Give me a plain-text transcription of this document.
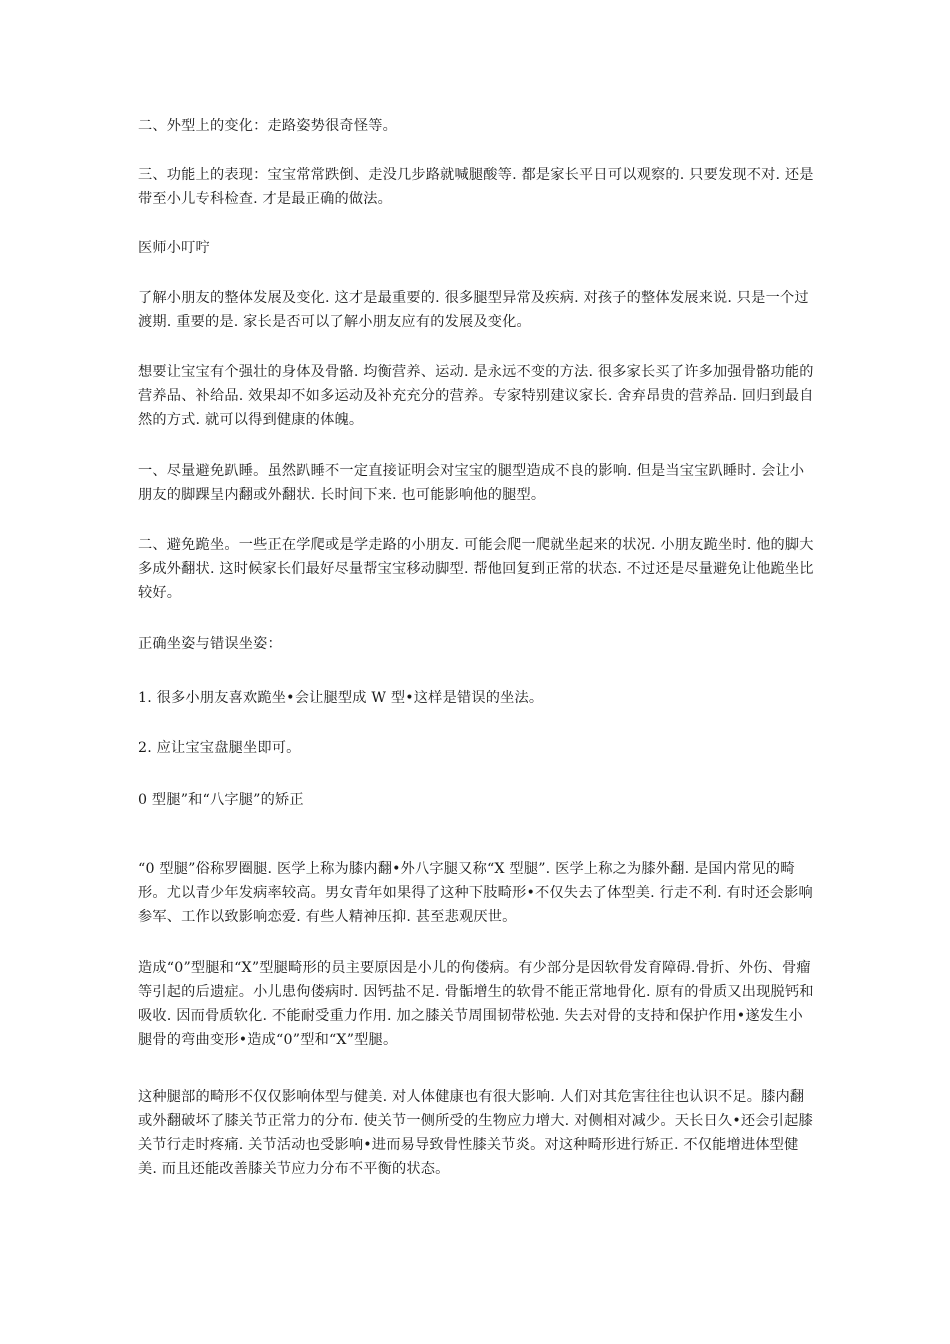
二、外型上的变化：走路姿势很奇怪等。

三、功能上的表现：宝宝常常跌倒、走没几步路就喊腿酸等. 都是家长平日可以观察的. 只要发现不对. 还是带至小儿专科检查. 才是最正确的做法。

医师小叮咛

了解小朋友的整体发展及变化. 这才是最重要的. 很多腿型异常及疾病. 对孩子的整体发展来说. 只是一个过渡期. 重要的是. 家长是否可以了解小朋友应有的发展及变化。

想要让宝宝有个强壮的身体及骨骼. 均衡营养、运动. 是永远不变的方法. 很多家长买了许多加强骨骼功能的营养品、补给品. 效果却不如多运动及补充充分的营养。专家特别建议家长. 舍弃昂贵的营养品. 回归到最自然的方式. 就可以得到健康的体魄。

一、尽量避免趴睡。虽然趴睡不一定直接证明会对宝宝的腿型造成不良的影响. 但是当宝宝趴睡时. 会让小朋友的脚踝呈内翻或外翻状. 长时间下来. 也可能影响他的腿型。

二、避免跪坐。一些正在学爬或是学走路的小朋友. 可能会爬一爬就坐起来的状况. 小朋友跪坐时. 他的脚大多成外翻状. 这时候家长们最好尽量帮宝宝移动脚型. 帮他回复到正常的状态. 不过还是尽量避免让他跪坐比较好。

正确坐姿与错误坐姿：

1. 很多小朋友喜欢跪坐•会让腿型成 W 型•这样是错误的坐法。

2. 应让宝宝盘腿坐即可。

0 型腿”和“八字腿”的矫正

“0 型腿”俗称罗圈腿. 医学上称为膝内翻•外八字腿又称“X 型腿”. 医学上称之为膝外翻. 是国内常见的畸形。尤以青少年发病率较高。男女青年如果得了这种下肢畸形•不仅失去了体型美. 行走不利. 有时还会影响参军、工作以致影响恋爱. 有些人精神压抑. 甚至悲观厌世。

造成“0”型腿和“X”型腿畸形的员主要原因是小儿的佝偻病。有少部分是因软骨发育障碍.骨折、外伤、骨瘤等引起的后遗症。小儿患佝偻病时. 因钙盐不足. 骨骺增生的软骨不能正常地骨化. 原有的骨质又出现脱钙和吸收. 因而骨质软化. 不能耐受重力作用. 加之膝关节周围韧带松弛. 失去对骨的支持和保护作用•遂发生小腿骨的弯曲变形•造成“0”型和“X”型腿。

这种腿部的畸形不仅仅影响体型与健美. 对人体健康也有很大影响. 人们对其危害往往也认识不足。膝内翻或外翻破坏了膝关节正常力的分布. 使关节一侧所受的生物应力增大. 对侧相对减少。天长日久•还会引起膝关节行走时疼痛. 关节活动也受影响•进而易导致骨性膝关节炎。对这种畸形进行矫正. 不仅能增进体型健美. 而且还能改善膝关节应力分布不平衡的状态。
